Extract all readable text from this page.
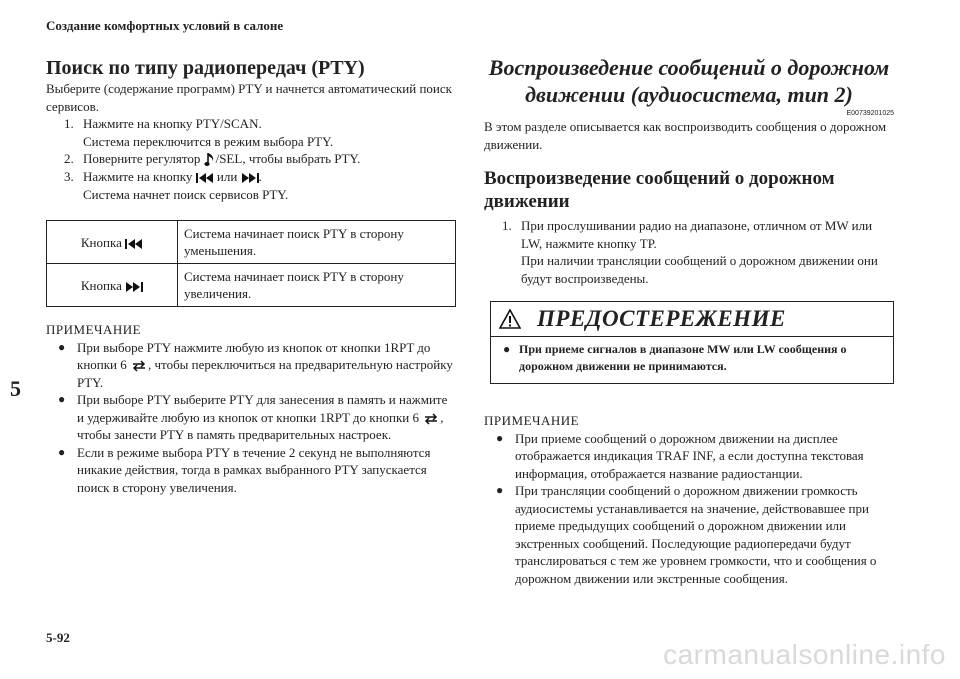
Создание комфортных условий в салоне
5
5-92
carmanualsonline.info
Поиск по типу радиопередач (PTY)

Выберите (содержание программ) PTY и начнется автоматический поиск сервисов.

1. Нажмите на кнопку PTY/SCAN.

Система переключится в режим выбора PTY.

2. Поверните регулятор /SEL, чтобы выбрать PTY.
3. Нажмите на кнопку или .

Система начнет поиск сервисов PTY.

Кнопка	Система начинает поиск PTY в сторону уменьшения.
Кнопка	Система начинает поиск PTY в сторону увеличения.

ПРИМЕЧАНИЕ

● При выборе PTY нажмите любую из кнопок от кнопки 1RPT до кнопки 6 , чтобы переключиться на предварительную настройку PTY.
● При выборе PTY выберите PTY для занесения в память и нажмите и удерживайте любую из кнопок от кнопки 1RPT до кнопки 6 , чтобы занести PTY в память предварительных настроек.
● Если в режиме выбора PTY в течение 2 секунд не выполняются никакие действия, тогда в рамках выбранного PTY запускается поиск в сторону увеличения.
Воспроизведение сообщений о дорожном движении (аудиосистема, тип 2)
E00739201025

В этом разделе описывается как воспроизводить сообщения о дорожном движении.

Воспроизведение сообщений о дорожном движении
1. При прослушивании радио на диапазоне, отличном от MW или LW, нажмите кнопку TP.

При наличии трансляции сообщений о дорожном движении они будут воспроизведены.

ПРЕДОСТЕРЕЖЕНИЕ
● При приеме сигналов в диапазоне MW или LW сообщения о дорожном движении не принимаются.

ПРИМЕЧАНИЕ

● При приеме сообщений о дорожном движении на дисплее отображается индикация TRAF INF, а если доступна текстовая информация, отображается название радиостанции.
● При трансляции сообщений о дорожном движении громкость аудиосистемы устанавливается на значение, действовавшее при приеме предыдущих сообщений о дорожном движении или экстренных сообщений. Последующие радиопередачи будут транслироваться с тем же уровнем громкости, что и сообщения о дорожном движении или экстренные сообщения.
